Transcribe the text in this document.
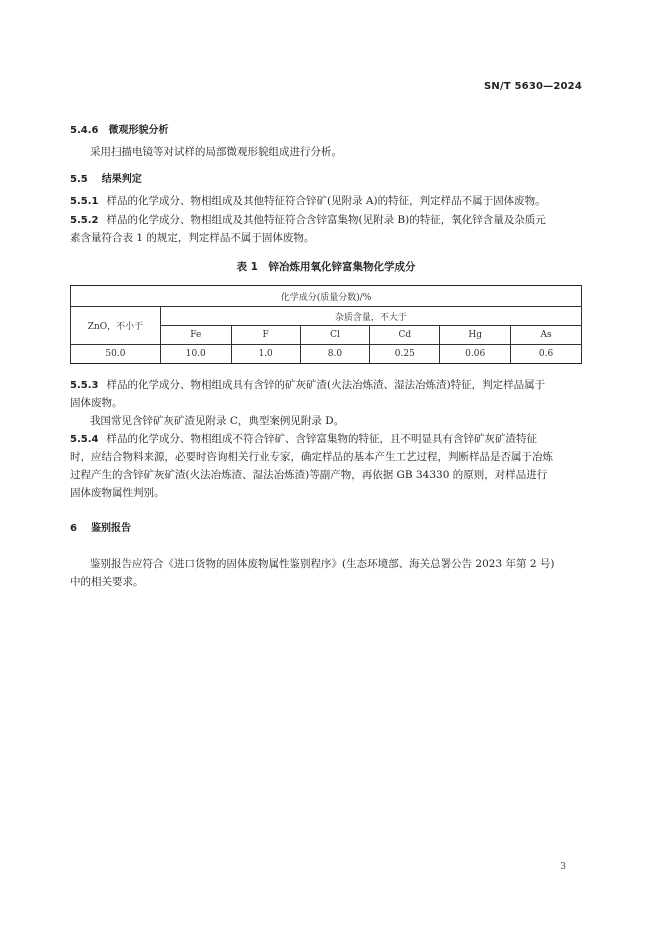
SN/T 5630—2024
5.4.6 微观形貌分析
采用扫描电镜等对试样的局部微观形貌组成进行分析。
5.5 结果判定
5.5.1 样品的化学成分、物相组成及其他特征符合锌矿(见附录 A)的特征，判定样品不属于固体废物。
5.5.2 样品的化学成分、物相组成及其他特征符合含锌富集物(见附录 B)的特征，氧化锌含量及杂质元
素含量符合表 1 的规定，判定样品不属于固体废物。
表 1　锌冶炼用氧化锌富集物化学成分
化学成分(质量分数)/%						
ZnO，不小于	杂质含量，不大于					
	Fe	F	Cl	Cd	Hg	As
50.0	10.0	1.0	8.0	0.25	0.06	0.6
5.5.3 样品的化学成分、物相组成具有含锌的矿灰矿渣(火法冶炼渣、湿法冶炼渣)特征，判定样品属于
固体废物。
我国常见含锌矿灰矿渣见附录 C，典型案例见附录 D。
5.5.4 样品的化学成分、物相组成不符合锌矿、含锌富集物的特征，且不明显具有含锌矿灰矿渣特征
时，应结合物料来源，必要时咨询相关行业专家，确定样品的基本产生工艺过程，判断样品是否属于冶炼
过程产生的含锌矿灰矿渣(火法冶炼渣、湿法冶炼渣)等副产物，再依据 GB 34330 的原则，对样品进行
固体废物属性判别。
6 鉴别报告
鉴别报告应符合《进口货物的固体废物属性鉴别程序》(生态环境部、海关总署公告 2023 年第 2 号)
中的相关要求。
3
